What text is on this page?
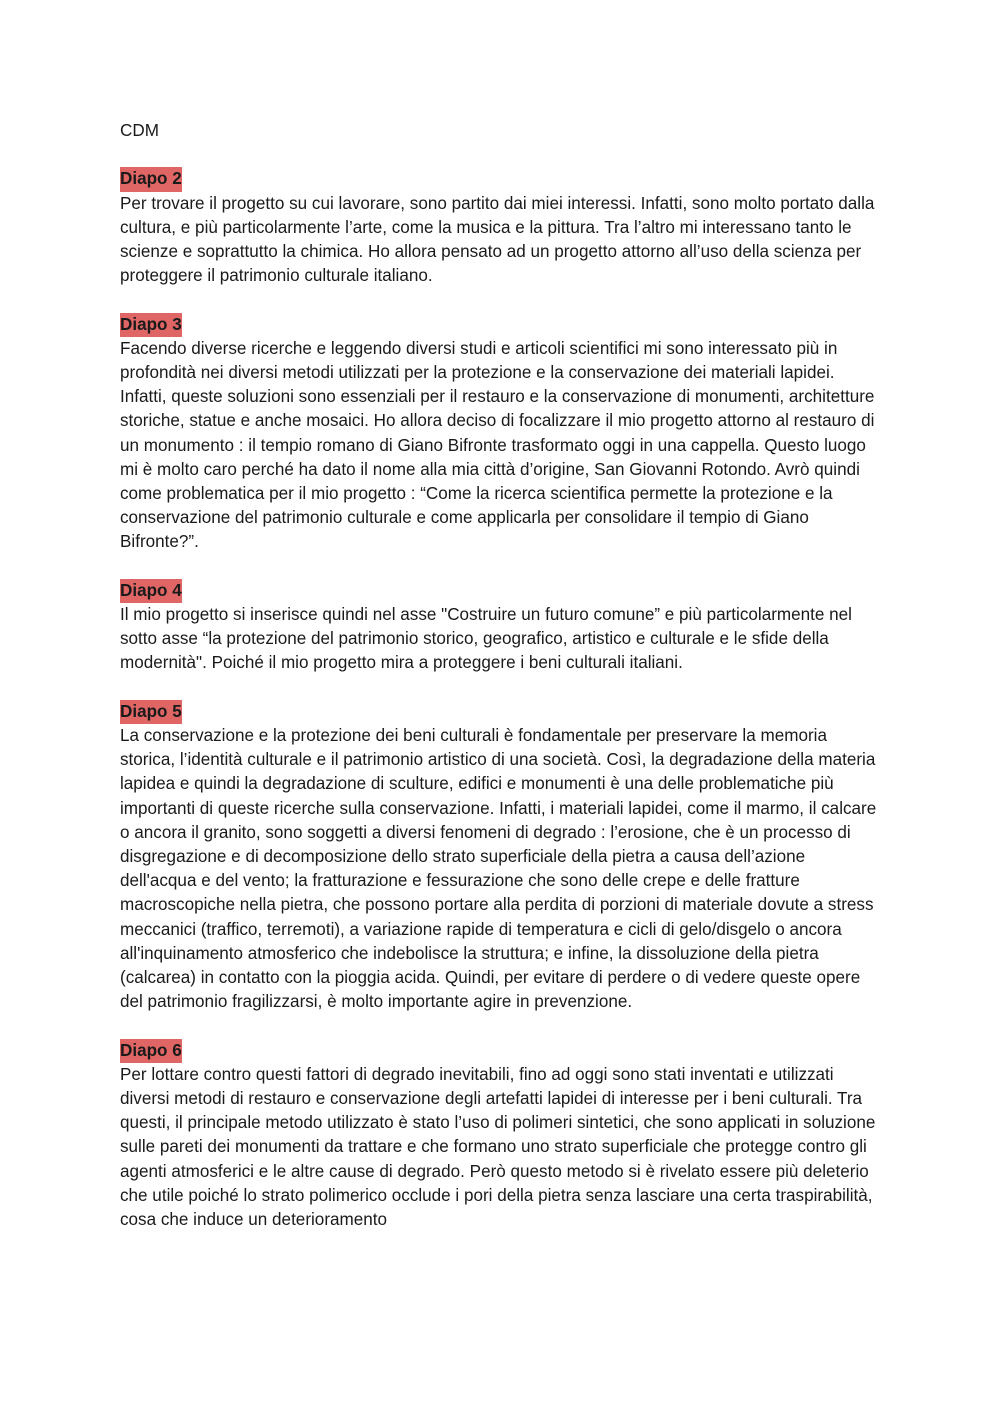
CDM

Diapo 2

Per trovare il progetto su cui lavorare, sono partito dai miei interessi. Infatti, sono molto portato dalla cultura, e più particolarmente l’arte, come la musica e la pittura. Tra l’altro mi interessano tanto le scienze e soprattutto la chimica. Ho allora pensato ad un progetto attorno all’uso della scienza per proteggere il patrimonio culturale italiano.

Diapo 3

Facendo diverse ricerche e leggendo diversi studi e articoli scientifici mi sono interessato più in profondità nei diversi metodi utilizzati per la protezione e la conservazione dei materiali lapidei. Infatti, queste soluzioni sono essenziali per il restauro e la conservazione di monumenti, architetture storiche, statue e anche mosaici. Ho allora deciso di focalizzare il mio progetto attorno al restauro di un monumento : il tempio romano di Giano Bifronte trasformato oggi in una cappella. Questo luogo mi è molto caro perché ha dato il nome alla mia città d’origine, San Giovanni Rotondo. Avrò quindi come problematica per il mio progetto : “Come la ricerca scientifica permette la protezione e la conservazione del patrimonio culturale e come applicarla per consolidare il tempio di Giano Bifronte?”.

Diapo 4

Il mio progetto si inserisce quindi nel asse "Costruire un futuro comune” e più particolarmente nel sotto asse “la protezione del patrimonio storico, geografico, artistico e culturale e le sfide della modernità". Poiché il mio progetto mira a proteggere i beni culturali italiani.

Diapo 5

La conservazione e la protezione dei beni culturali è fondamentale per preservare la memoria storica, l’identità culturale e il patrimonio artistico di una società. Così, la degradazione della materia lapidea e quindi la degradazione di sculture, edifici e monumenti è una delle problematiche più importanti di queste ricerche sulla conservazione. Infatti, i materiali lapidei, come il marmo, il calcare o ancora il granito, sono soggetti a diversi fenomeni di degrado : l’erosione, che è un processo di disgregazione e di decomposizione dello strato superficiale della pietra a causa dell’azione dell'acqua e del vento; la fratturazione e fessurazione che sono delle crepe e delle fratture macroscopiche nella pietra, che possono portare alla perdita di porzioni di materiale dovute a stress meccanici (traffico, terremoti), a variazione rapide di temperatura e cicli di gelo/disgelo o ancora all'inquinamento atmosferico che indebolisce la struttura; e infine, la dissoluzione della pietra (calcarea) in contatto con la pioggia acida. Quindi, per evitare di perdere o di vedere queste opere del patrimonio fragilizzarsi, è molto importante agire in prevenzione.

Diapo 6

Per lottare contro questi fattori di degrado inevitabili, fino ad oggi sono stati inventati e utilizzati diversi metodi di restauro e conservazione degli artefatti lapidei di interesse per i beni culturali. Tra questi, il principale metodo utilizzato è stato l’uso di polimeri sintetici, che sono applicati in soluzione sulle pareti dei monumenti da trattare e che formano uno strato superficiale che protegge contro gli agenti atmosferici e le altre cause di degrado. Però questo metodo si è rivelato essere più deleterio che utile poiché lo strato polimerico occlude i pori della pietra senza lasciare una certa traspirabilità, cosa che induce un deterioramento
